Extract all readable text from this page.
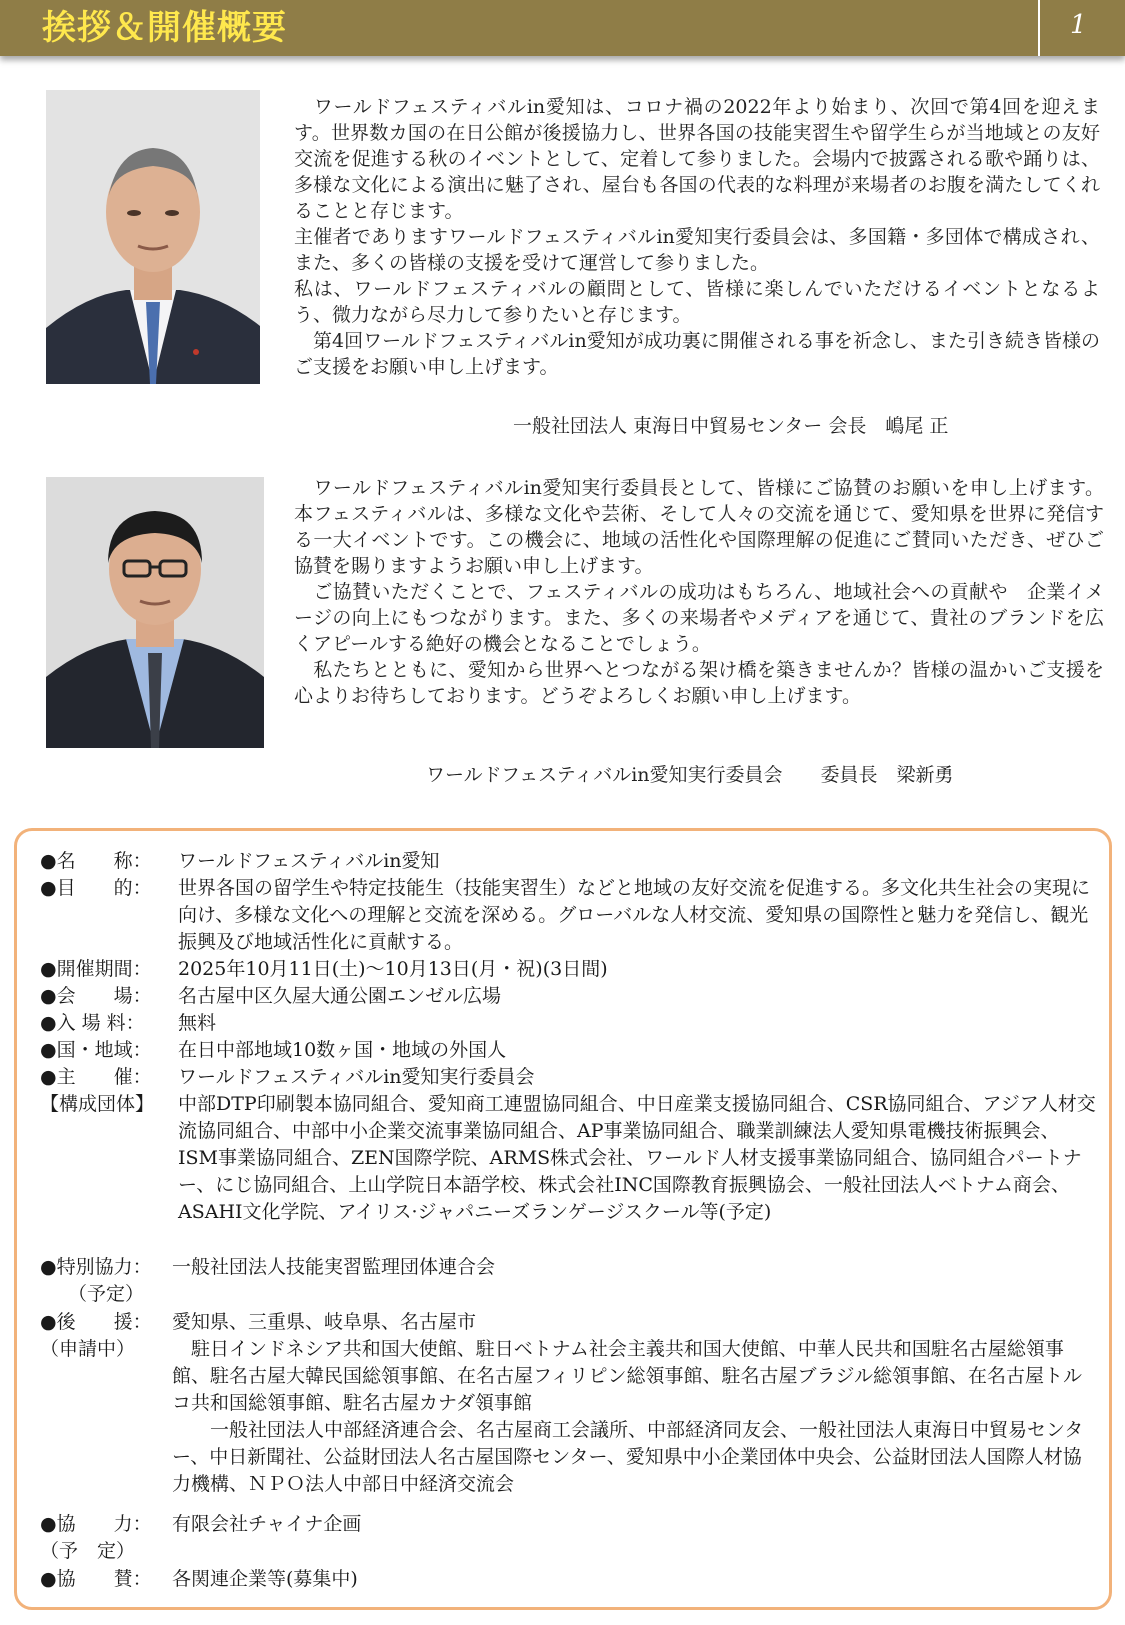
挨拶＆開催概要	1

　ワールドフェスティバルin愛知は、コロナ禍の2022年より始まり、次回で第4回を迎えます。世界数カ国の在日公館が後援協力し、世界各国の技能実習生や留学生らが当地域との友好交流を促進する秋のイベントとして、定着して参りました。会場内で披露される歌や踊りは、多様な文化による演出に魅了され、屋台も各国の代表的な料理が来場者のお腹を満たしてくれることと存じます。

主催者でありますワールドフェスティバルin愛知実行委員会は、多国籍・多団体で構成され、また、多くの皆様の支援を受けて運営して参りました。

私は、ワールドフェスティバルの顧問として、皆様に楽しんでいただけるイベントとなるよう、微力ながら尽力して参りたいと存じます。

　第4回ワールドフェスティバルin愛知が成功裏に開催される事を祈念し、また引き続き皆様のご支援をお願い申し上げます。

一般社団法人 東海日中貿易センター 会長　嶋尾 正

　ワールドフェスティバルin愛知実行委員長として、皆様にご協賛のお願いを申し上げます。本フェスティバルは、多様な文化や芸術、そして人々の交流を通じて、愛知県を世界に発信する一大イベントです。この機会に、地域の活性化や国際理解の促進にご賛同いただき、ぜひご協賛を賜りますようお願い申し上げます。

　ご協賛いただくことで、フェスティバルの成功はもちろん、地域社会への貢献や　企業イメージの向上にもつながります。また、多くの来場者やメディアを通じて、貴社のブランドを広くアピールする絶好の機会となることでしょう。

　私たちとともに、愛知から世界へとつながる架け橋を築きませんか？皆様の温かいご支援を心よりお待ちしております。どうぞよろしくお願い申し上げます。

ワールドフェスティバルin愛知実行委員会　　委員長　梁新勇
●名　　称： ワールドフェスティバルin愛知
●目　　的： 世界各国の留学生や特定技能生（技能実習生）などと地域の友好交流を促進する。多文化共生社会の実現に向け、多様な文化への理解と交流を深める。グローバルな人材交流、愛知県の国際性と魅力を発信し、観光振興及び地域活性化に貢献する。
●開催期間： 2025年10月11日(土)～10月13日(月・祝)(3日間)
●会　　場： 名古屋中区久屋大通公園エンゼル広場
●入 場 料： 無料
●国・地域： 在日中部地域10数ヶ国・地域の外国人
●主　　催： ワールドフェスティバルin愛知実行委員会
【構成団体】 中部DTP印刷製本協同組合、愛知商工連盟協同組合、中日産業支援協同組合、CSR協同組合、アジア人材交流協同組合、中部中小企業交流事業協同組合、AP事業協同組合、職業訓練法人愛知県電機技術振興会、ISM事業協同組合、ZEN国際学院、ARMS株式会社、ワールド人材支援事業協同組合、協同組合パートナー、にじ協同組合、上山学院日本語学校、株式会社INC国際教育振興協会、一般社団法人ベトナム商会、ASAHI文化学院、アイリス·ジャパニーズランゲージスクール等(予定)
●特別協力：
（予定）
一般社団法人技能実習監理団体連合会
●後　　援：
（申請中）

愛知県、三重県、岐阜県、名古屋市

　駐日インドネシア共和国大使館、駐日ベトナム社会主義共和国大使館、中華人民共和国駐名古屋総領事館、駐名古屋大韓民国総領事館、在名古屋フィリピン総領事館、駐名古屋ブラジル総領事館、在名古屋トルコ共和国総領事館、駐名古屋カナダ領事館

　　一般社団法人中部経済連合会、名古屋商工会議所、中部経済同友会、一般社団法人東海日中貿易センター、中日新聞社、公益財団法人名古屋国際センター、愛知県中小企業団体中央会、公益財団法人国際人材協力機構、ＮＰＯ法人中部日中経済交流会

●協　　力：
（予　定）
有限会社チャイナ企画
●協　　賛： 各関連企業等(募集中)
